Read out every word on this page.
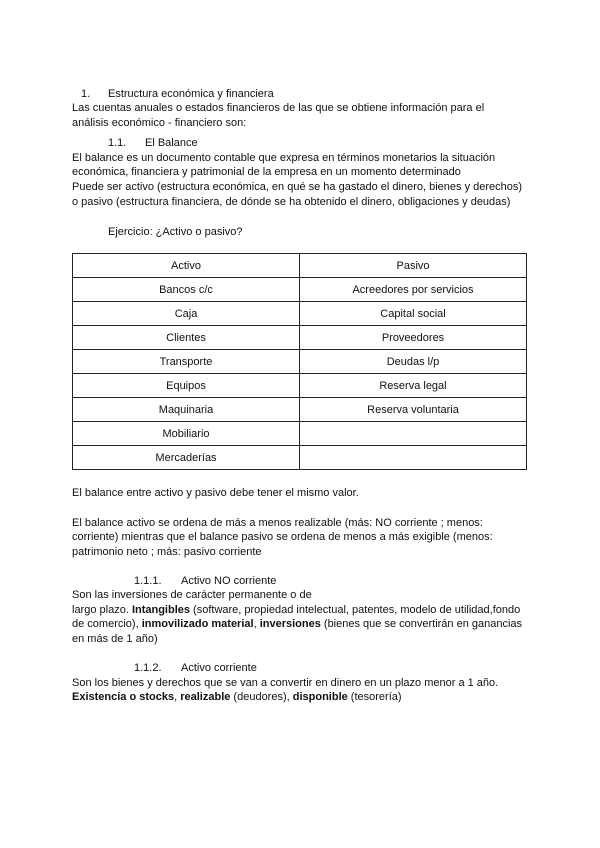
1. Estructura económica y financiera
Las cuentas anuales o estados financieros de las que se obtiene información para el
análisis económico - financiero son:
1.1. El Balance
El balance es un documento contable que expresa en términos monetarios la situación
económica, financiera y patrimonial de la empresa en un momento determinado
Puede ser activo (estructura económica, en qué se ha gastado el dinero, bienes y derechos)
o pasivo (estructura financiera, de dónde se ha obtenido el dinero, obligaciones y deudas)
Ejercicio: ¿Activo o pasivo?
Activo	Pasivo
Bancos c/c	Acreedores por servicios
Caja	Capital social
Clientes	Proveedores
Transporte	Deudas l/p
Equipos	Reserva legal
Maquinaria	Reserva voluntaria
Mobiliario	
Mercaderías	
El balance entre activo y pasivo debe tener el mismo valor.
El balance activo se ordena de más a menos realizable (más: NO corriente ; menos:
corriente) mientras que el balance pasivo se ordena de menos a más exigible (menos:
patrimonio neto ; más: pasivo corriente
1.1.1. Activo NO corriente
Son las inversiones de carácter permanente o de
largo plazo. Intangibles (software, propiedad intelectual, patentes, modelo de utilidad,fondo
de comercio), inmovilizado material, inversiones (bienes que se convertirán en ganancias
en más de 1 año)
1.1.2. Activo corriente
Son los bienes y derechos que se van a convertir en dinero en un plazo menor a 1 año.
Existencia o stocks, realizable (deudores), disponible (tesorería)
